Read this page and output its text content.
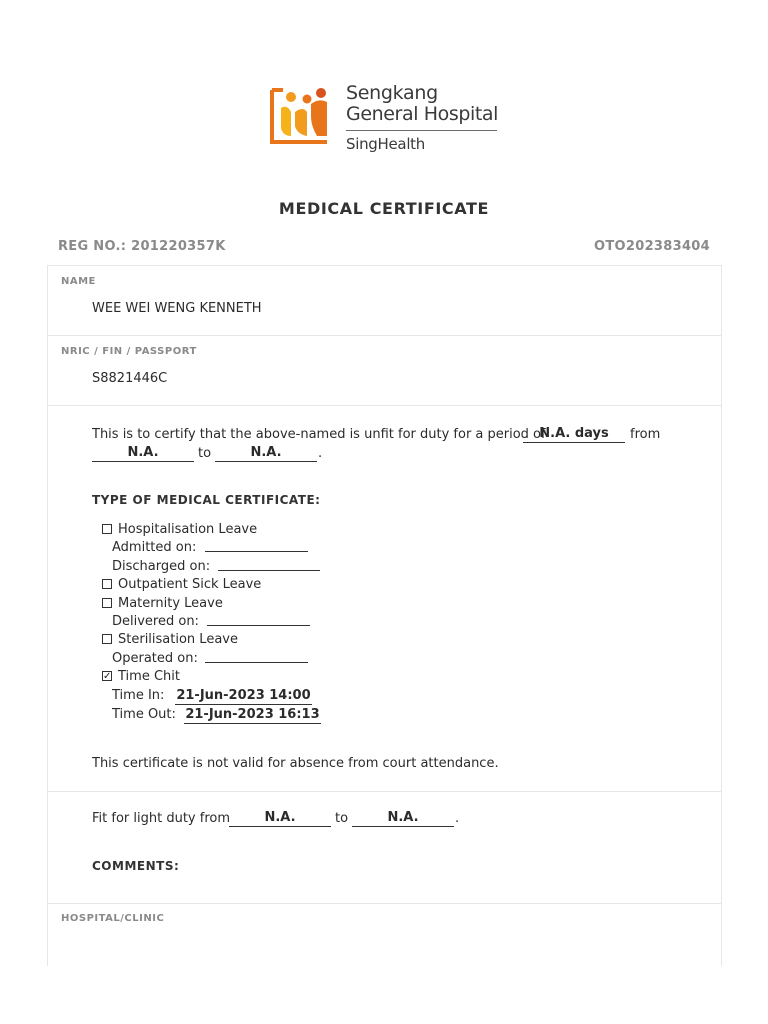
Sengkang
General Hospital
SingHealth
MEDICAL CERTIFICATE
REG NO.: 201220357K	OTO202383404
NAME
WEE WEI WENG KENNETH
NRIC / FIN / PASSPORT
S8821446C
This is to certify that the above-named is unfit for duty for a period of
N.A. days	from
N.A.	to	N.A.	.
TYPE OF MEDICAL CERTIFICATE:
Hospitalisation Leave
Admitted on:
Discharged on:
Outpatient Sick Leave
Maternity Leave
Delivered on:
Sterilisation Leave
Operated on:
✓ Time Chit
Time In: 21-Jun-2023 14:00
Time Out: 21-Jun-2023 16:13
This certificate is not valid for absence from court attendance.
Fit for light duty from	N.A.	to	N.A.	.
COMMENTS:
HOSPITAL/CLINIC
